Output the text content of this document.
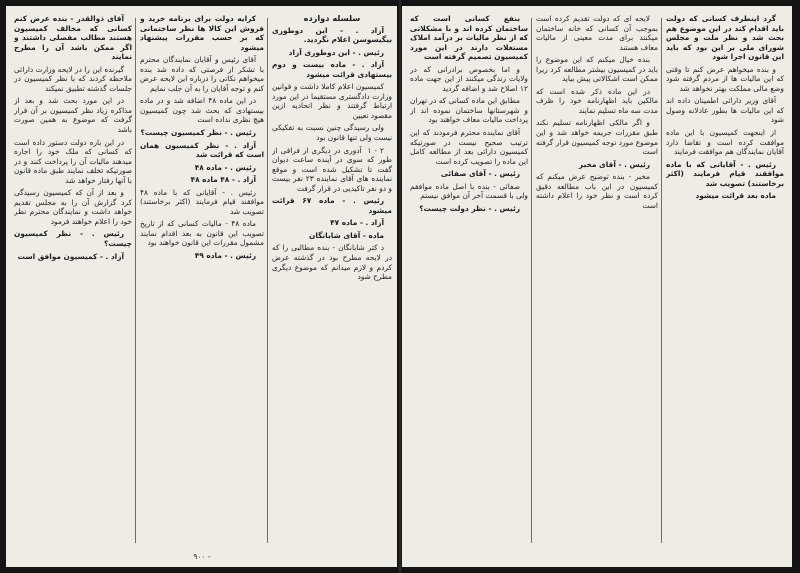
سلسله دوازده
آزاد . - این دوطوری بیگیسوسن اعلام نگردید.
رئیس . - این دوطوری آزاد
آزاد . - ماده بیست ‌‌و دوم بیستهادی قرائت میشود
کمیسیون اعلام کاملا داشت و قوانین وزارت دادگستری مستقیما در این مورد ارتباط گرفتند و نظر اتحادیه ازین مقصود تعیین
ولی رسیدگی چنین نسبت به تفکیکی نیست ولی تنها قانون بود
۲ - ۱ ‌‌ آدوری در دیگری از فراقی از طور که سوی در آینده ساعت دیوان گفت تا تشکیل شده است و موقع نماینده های آقای نماینده ۲۳ نفر بیست و دو نفر تاکیدیی در قرار گرفت
رئیس . - ماده ۶۷ قرائت میشود
آزاد . - ماده ۴۷
ماده - آقای شابانگان
د کتر شابانگان - بنده مطالبی را که در لایحه مطرح بود در گذشته عرض کردم و لازم میدانم که موضوع دیگری مطرح شود
کرایه دولت برای برنامه خرید و فروش این کالا ها نظر ساختمانی که بر حسب مقررات پیشنهاد میشود
آقای رئیس و آقایان نمایندگان محترم با تشکر از فرصتی که داده شد بنده میخواهم نکاتی را درباره این لایحه عرض کنم و توجه آقایان را به آن جلب نمایم
در این ماده ۴۸ اضافه شد و در ماده بیستهادی که بحث شد چون کمیسیون هیچ نظری نداده است
رئیس . - نظر کمیسیون چیست؟
آزاد . - نظر کمیسیون همان است که قرائت شد
رئیس . - ماده ۴۸
آزاد . - ۴۸ ماده ۴۸
رئیس . - آقایانی که با ماده ۴۸ موافقند قیام فرمایند (اکثر برخاستند) تصویب شد
ماده ۴۸ - مالیات کسانی که از تاریخ تصویب این قانون به بعد اقدام نمایند مشمول مقررات این قانون خواهند بود
رئیس . - ماده ۴۹
آقای ذوالقدر - بنده عرض کنم کسانی که مخالف کمیسیون هستند مطالب مفصلی داشتند و اگر ممکن باشد آن را مطرح نمایند
گیرنده این را در لایحه وزارت دارائی ملاحظه کردند که با نظر کمیسیون در جلسات گذشته تطبیق نمیکند
در این مورد بحث شد و بعد از مذاکره زیاد نظر کمیسیون بر آن قرار گرفت که موضوع به همین صورت باشد
در این باره دولت دستور داده است که کسانی که ملک خود را اجاره میدهند مالیات آن را پرداخت کنند و در صورتیکه تخلف نمایند طبق ماده قانون با آنها رفتار خواهد شد
و بعد از آن که کمیسیون رسیدگی کرد گزارش آن را به مجلس تقدیم خواهد داشت و نمایندگان محترم نظر خود را اعلام خواهند فرمود
رئیس . - نظر کمیسیون چیست؟
آزاد . - کمیسیون موافق است
۹۰۰ -
گرد اینطرف کسانی که دولت باید اقدام کند در این موضوع هم بحث شد و نظر ملت و مجلس شورای ملی بر این بود که باید این قانون اجرا شود
و بنده میخواهم عرض کنم تا وقتی که این مالیات ها از مردم گرفته شود وضع مالی مملکت بهتر نخواهد شد
آقای وزیر دارائی اطمینان داده اند که این مالیات ها بطور عادلانه وصول شود
از اینجهت کمیسیون با این ماده موافقت کرده است و تقاضا دارد آقایان نمایندگان هم موافقت فرمایند
رئیس . - آقایانی که با ماده موافقند قیام فرمایند (اکثر برخاستند) تصویب شد
ماده بعد قرائت میشود
لایحه ای که دولت تقدیم کرده است بموجب آن کسانی که خانه ساختمان میکنند برای مدت معینی از مالیات معاف هستند
بنده خیال میکنم که این موضوع را باید در کمیسیون بیشتر مطالعه کرد زیرا ممکن است اشکالاتی پیش بیاید
در این ماده ذکر شده است که مالکین باید اظهارنامه خود را ظرف مدت سه ماه تسلیم نمایند
و اگر مالکی اظهارنامه تسلیم نکند طبق مقررات جریمه خواهد شد و این موضوع مورد توجه کمیسیون قرار گرفته است
رئیس . - آقای مخبر
مخبر - بنده توضیح عرض میکنم که کمیسیون در این باب مطالعه دقیق کرده است و نظر خود را اعلام داشته است
بنفع کسانی است که ساختمان کرده اند و با مشکلاتی که از نظر مالیات بر درآمد املاک مستغلات دارند در این مورد کمیسیون تصمیم گرفته است
و اما بخصوص برادرانی که در ولایات زندگی میکنند از این جهت ماده ۱۲ اصلاح شد و اضافه گردید
مطابق این ماده کسانی که در تهران و شهرستانها ساختمان نموده اند از پرداخت مالیات معاف خواهند بود
آقای نماینده محترم فرمودند که این ترتیب صحیح نیست در صورتیکه کمیسیون دارائی بعد از مطالعه کامل این ماده را تصویب کرده است
رئیس . - آقای صفائی
صفائی - بنده با اصل ماده موافقم ولی با قسمت آخر آن موافق نیستم
رئیس . - نظر دولت چیست؟
